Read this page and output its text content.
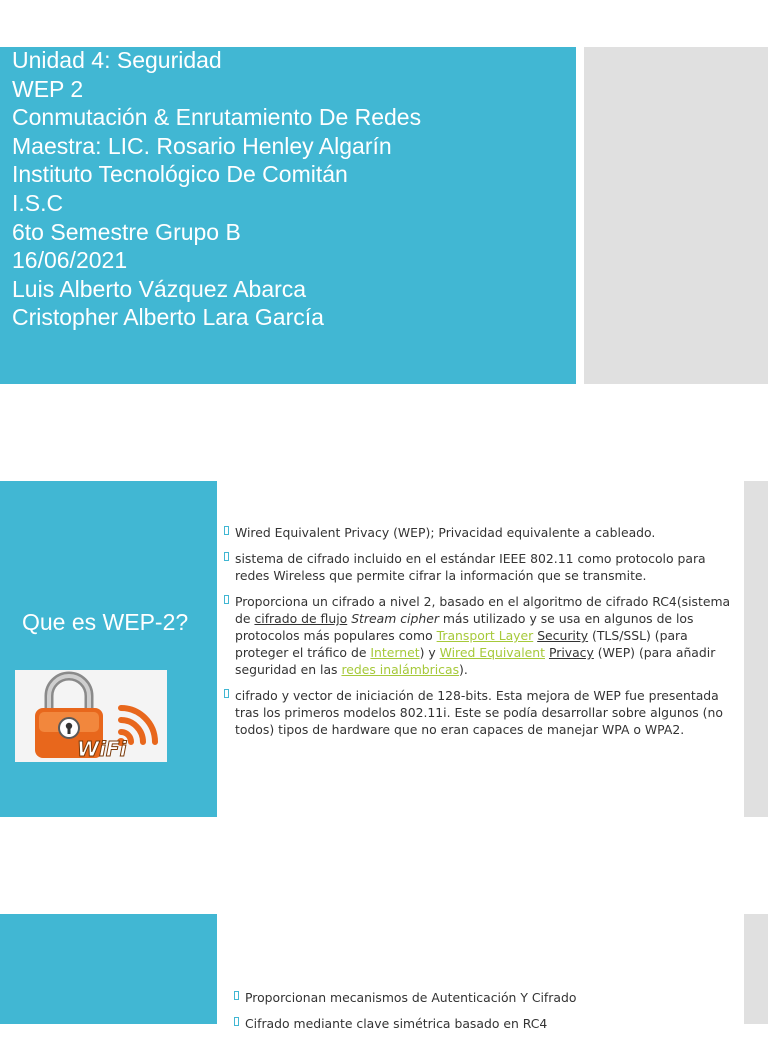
Unidad 4: Seguridad
WEP 2
Conmutación & Enrutamiento De Redes
Maestra: LIC. Rosario Henley Algarín
Instituto Tecnológico De Comitán
I.S.C
6to Semestre Grupo B
16/06/2021
Luis Alberto Vázquez Abarca
Cristopher Alberto Lara García
Que es WEP-2?
WiFi
Wired Equivalent Privacy (WEP); Privacidad equivalente a cableado.
sistema de cifrado incluido en el estándar IEEE 802.11 como protocolo para redes Wireless que permite cifrar la información que se transmite.
Proporciona un cifrado a nivel 2, basado en el algoritmo de cifrado RC4(sistema de cifrado de flujo Stream cipher más utilizado y se usa en algunos de los protocolos más populares como Transport Layer Security (TLS/SSL) (para proteger el tráfico de Internet) y Wired Equivalent Privacy (WEP) (para añadir seguridad en las redes inalámbricas).
cifrado y vector de iniciación de 128-bits. Esta mejora de WEP fue presentada tras los primeros modelos 802.11i. Este se podía desarrollar sobre algunos (no todos) tipos de hardware que no eran capaces de manejar WPA o WPA2.
Proporcionan mecanismos de Autenticación Y Cifrado
Cifrado mediante clave simétrica basado en RC4
